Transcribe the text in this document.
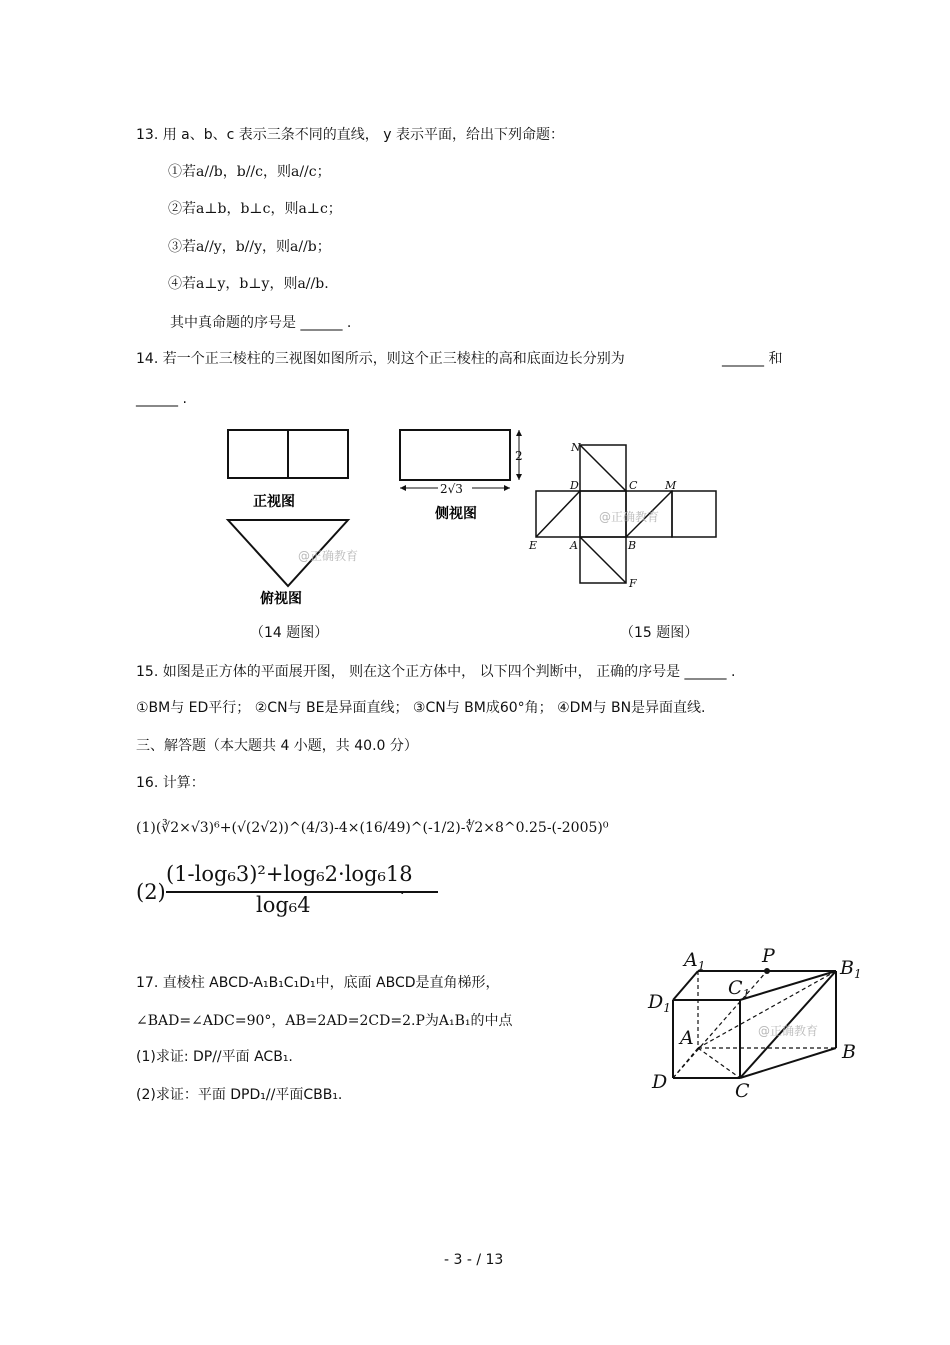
13. 用 a、b、c 表示三条不同的直线， y 表示平面，给出下列命题：
①若a//b，b//c，则a//c；
②若a⊥b，b⊥c，则a⊥c；
③若a//y，b//y，则a//b；
④若a⊥y，b⊥y，则a//b.
其中真命题的序号是 ______ .
14. 若一个正三棱柱的三视图如图所示，则这个正三棱柱的高和底面边长分别为	______ 和
______ .
正视图
俯视图
@正确教育
2
2√3
侧视图
N
D	C	M
E	A	B
F
@正确教育
（14 题图）	（15 题图）
15. 如图是正方体的平面展开图， 则在这个正方体中， 以下四个判断中， 正确的序号是 ______ .
①BM与 ED平行； ②CN与 BE是异面直线； ③CN与 BM成60°角； ④DM与 BN是异面直线.
三、解答题（本大题共 4 小题，共 40.0 分）
16. 计算：
(1)(∛2×√3)⁶+(√(2√2))^(4/3)-4×(16/49)^(-1/2)-∜2×8^0.25-(-2005)⁰
(2)
(1-log₆3)²+log₆2·log₆18
log₆4
.
17. 直棱柱 ABCD-A₁B₁C₁D₁中，底面 ABCD是直角梯形，
∠BAD=∠ADC=90°，AB=2AD=2CD=2.P为A₁B₁的中点
(1)求证: DP//平面 ACB₁.
(2)求证：平面 DPD₁//平面CBB₁.
$A_1$	P
$B_1$
$C_1$
$D_1$
A
B
D	C
@正确教育
- 3 - / 13
